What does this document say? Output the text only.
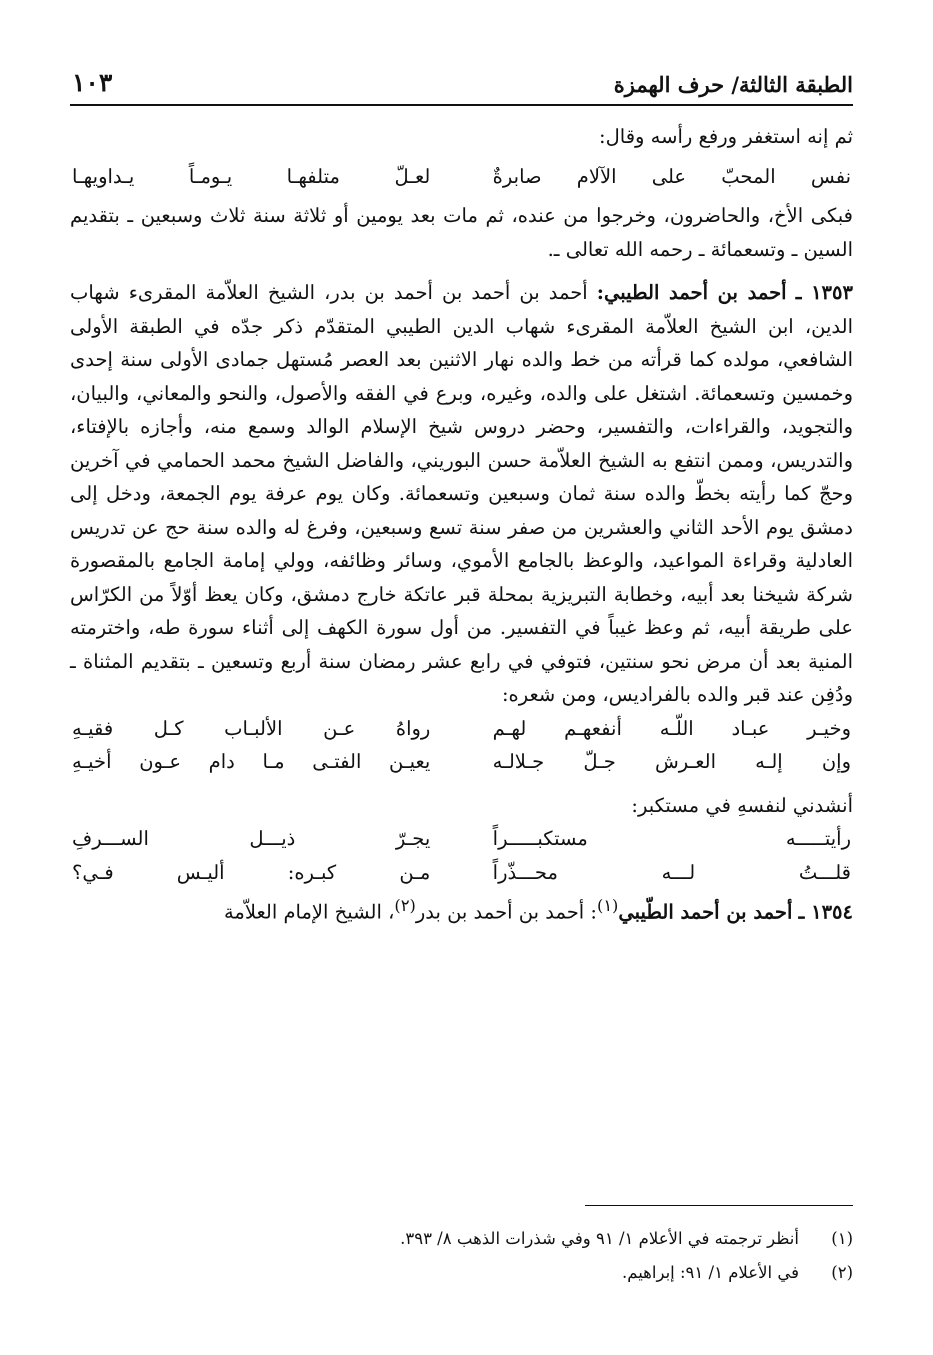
الطبقة الثالثة/ حرف الهمزة
١٠٣

ثم إنه استغفر ورفع رأسه وقال:

نفس المحبّ على الآلام صابرةٌ
لعـلّ متلفهـا يـومـاً يـداويهـا

فبكى الأخ، والحاضرون، وخرجوا من عنده، ثم مات بعد يومين أو ثلاثة سنة ثلاث وسبعين ـ بتقديم السين ـ وتسعمائة ـ رحمه الله تعالى ـ.

١٣٥٣ ـ أحمد بن أحمد الطيبي: أحمد بن أحمد بن أحمد بن بدر، الشيخ العلاّمة المقرىء شهاب الدين، ابن الشيخ العلاّمة المقرىء شهاب الدين الطيبي المتقدّم ذكر جدّه في الطبقة الأولى الشافعي، مولده كما قرأته من خط والده نهار الاثنين بعد العصر مُستهل جمادى الأولى سنة إحدى وخمسين وتسعمائة. اشتغل على والده، وغيره، وبرع في الفقه والأصول، والنحو والمعاني، والبيان، والتجويد، والقراءات، والتفسير، وحضر دروس شيخ الإسلام الوالد وسمع منه، وأجازه بالإفتاء، والتدريس، وممن انتفع به الشيخ العلاّمة حسن البوريني، والفاضل الشيخ محمد الحمامي في آخرين وحجّ كما رأيته بخطّ والده سنة ثمان وسبعين وتسعمائة. وكان يوم عرفة يوم الجمعة، ودخل إلى دمشق يوم الأحد الثاني والعشرين من صفر سنة تسع وسبعين، وفرغ له والده سنة حج عن تدريس العادلية وقراءة المواعيد، والوعظ بالجامع الأموي، وسائر وظائفه، وولي إمامة الجامع بالمقصورة شركة شيخنا بعد أبيه، وخطابة التبريزية بمحلة قبر عاتكة خارج دمشق، وكان يعظ أوّلاً من الكرّاس على طريقة أبيه، ثم وعظ غيباً في التفسير. من أول سورة الكهف إلى أثناء سورة طه، واخترمته المنية بعد أن مرض نحو سنتين، فتوفي في رابع عشر رمضان سنة أربع وتسعين ـ بتقديم المثناة ـ ودُفِن عند قبر والده بالفراديس، ومن شعره:

وخيـر عبـاد اللّـه أنفعهـم لهـم
رواهُ عـن الألبـاب كـل فقيـهِ
وإن إلـه العـرش جـلّ جـلالـه
يعيـن الفتـى مـا دام عـون أخيـهِ

أنشدني لنفسهِ في مستكبر:

رأيتـــــه مستكبـــــراً
يجـرّ ذيـــل الســـرفِ
قلـــتُ لـــه محـــذّراً
مـن كبـره: أليـس فـي؟

١٣٥٤ ـ أحمد بن أحمد الطّيبي$^{(١)}$: أحمد بن أحمد بن بدر$^{(٢)}$، الشيخ الإمام العلاّمة

(١)
أنظر ترجمته في الأعلام ١/ ٩١ وفي شذرات الذهب ٨/ ٣٩٣.
(٢)
في الأعلام ١/ ٩١: إبراهيم.
